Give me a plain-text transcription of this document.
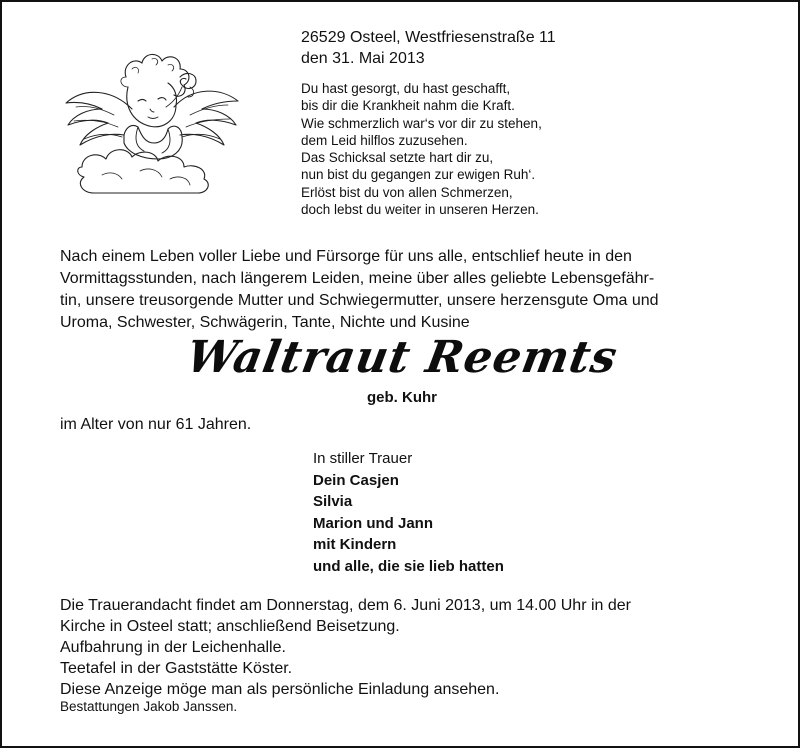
26529 Osteel, Westfriesenstraße 11
den 31. Mai 2013
Du hast gesorgt, du hast geschafft,
bis dir die Krankheit nahm die Kraft.
Wie schmerzlich war‘s vor dir zu stehen,
dem Leid hilflos zuzusehen.
Das Schicksal setzte hart dir zu,
nun bist du gegangen zur ewigen Ruh‘.
Erlöst bist du von allen Schmerzen,
doch lebst du weiter in unseren Herzen.
Nach einem Leben voller Liebe und Fürsorge für uns alle, entschlief heute in den
Vormittagsstunden, nach längerem Leiden, meine über alles geliebte Lebensgefähr-
tin, unsere treusorgende Mutter und Schwiegermutter, unsere herzensgute Oma und
Uroma, Schwester, Schwägerin, Tante, Nichte und Kusine
Waltraut Reemts
geb. Kuhr
im Alter von nur 61 Jahren.
In stiller Trauer
Dein Casjen
Silvia
Marion und Jann
mit Kindern
und alle, die sie lieb hatten
Die Trauerandacht findet am Donnerstag, dem 6. Juni 2013, um 14.00 Uhr in der
Kirche in Osteel statt; anschließend Beisetzung.
Aufbahrung in der Leichenhalle.
Teetafel in der Gaststätte Köster.
Diese Anzeige möge man als persönliche Einladung ansehen.
Bestattungen Jakob Janssen.
